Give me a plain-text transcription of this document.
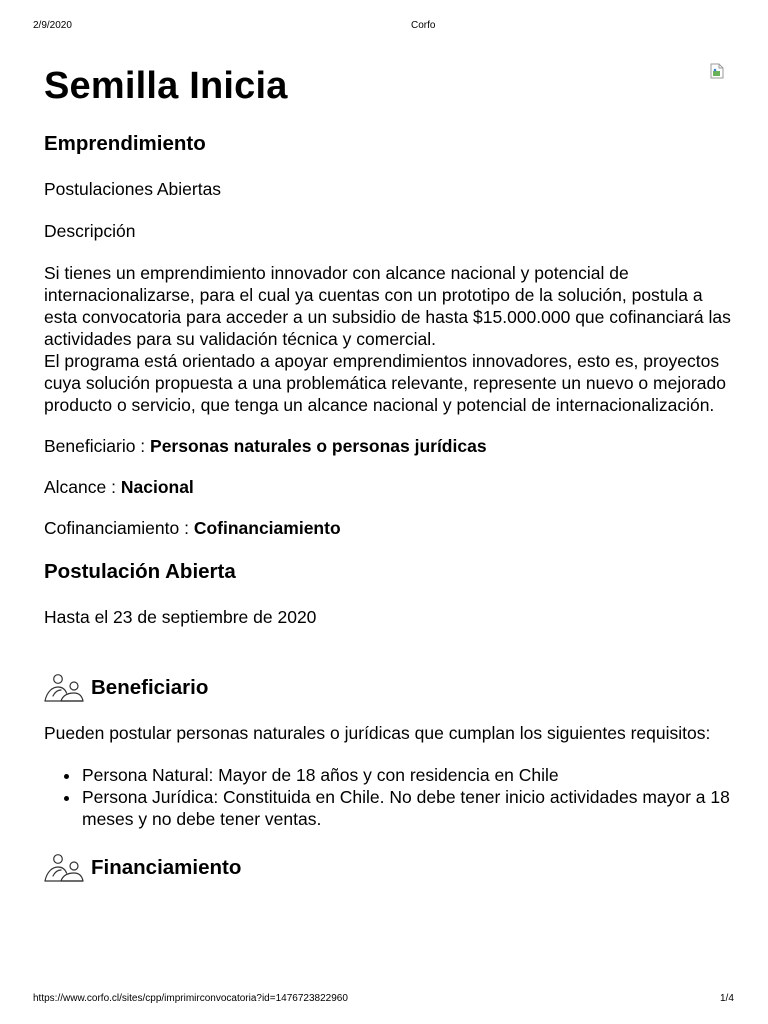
2/9/2020	Corfo
Semilla Inicia
Emprendimiento

Postulaciones Abiertas

Descripción

Si tienes un emprendimiento innovador con alcance nacional y potencial de internacionalizarse, para el cual ya cuentas con un prototipo de la solución, postula a esta convocatoria para acceder a un subsidio de hasta $15.000.000 que cofinanciará las actividades para su validación técnica y comercial.

El programa está orientado a apoyar emprendimientos innovadores, esto es, proyectos cuya solución propuesta a una problemática relevante, represente un nuevo o mejorado producto o servicio, que tenga un alcance nacional y potencial de internacionalización.

Beneficiario : Personas naturales o personas jurídicas

Alcance : Nacional

Cofinanciamiento : Cofinanciamiento

Postulación Abierta

Hasta el 23 de septiembre de 2020

Beneficiario

Pueden postular personas naturales o jurídicas que cumplan los siguientes requisitos:

• Persona Natural: Mayor de 18 años y con residencia en Chile
• Persona Jurídica: Constituida en Chile. No debe tener inicio actividades mayor a 18 meses y no debe tener ventas.
Financiamiento
https://www.corfo.cl/sites/cpp/imprimirconvocatoria?id=1476723822960	1/4
